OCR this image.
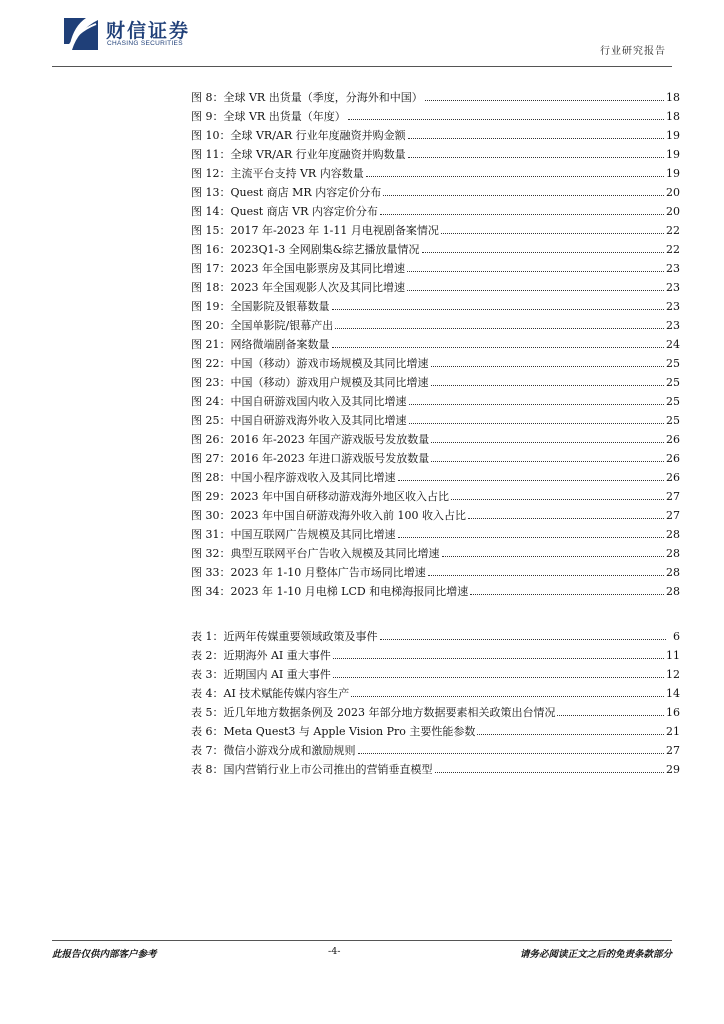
财信证券
CHASING SECURITIES
行业研究报告
图 8：全球 VR 出货量（季度，分海外和中国）	18
图 9：全球 VR 出货量（年度）	18
图 10：全球 VR/AR 行业年度融资并购金额	19
图 11：全球 VR/AR 行业年度融资并购数量	19
图 12：主流平台支持 VR 内容数量	19
图 13：Quest 商店 MR 内容定价分布	20
图 14：Quest 商店 VR 内容定价分布	20
图 15：2017 年-2023 年 1-11 月电视剧备案情况	22
图 16：2023Q1-3 全网剧集&综艺播放量情况	22
图 17：2023 年全国电影票房及其同比增速	23
图 18：2023 年全国观影人次及其同比增速	23
图 19：全国影院及银幕数量	23
图 20：全国单影院/银幕产出	23
图 21：网络微端剧备案数量	24
图 22：中国（移动）游戏市场规模及其同比增速	25
图 23：中国（移动）游戏用户规模及其同比增速	25
图 24：中国自研游戏国内收入及其同比增速	25
图 25：中国自研游戏海外收入及其同比增速	25
图 26：2016 年-2023 年国产游戏版号发放数量	26
图 27：2016 年-2023 年进口游戏版号发放数量	26
图 28：中国小程序游戏收入及其同比增速	26
图 29：2023 年中国自研移动游戏海外地区收入占比	27
图 30：2023 年中国自研游戏海外收入前 100 收入占比	27
图 31：中国互联网广告规模及其同比增速	28
图 32：典型互联网平台广告收入规模及其同比增速	28
图 33：2023 年 1-10 月整体广告市场同比增速	28
图 34：2023 年 1-10 月电梯 LCD 和电梯海报同比增速	28
表 1：近两年传媒重要领域政策及事件	6
表 2：近期海外 AI 重大事件	11
表 3：近期国内 AI 重大事件	12
表 4：AI 技术赋能传媒内容生产	14
表 5：近几年地方数据条例及 2023 年部分地方数据要素相关政策出台情况	16
表 6：Meta Quest3 与 Apple Vision Pro 主要性能参数	21
表 7：微信小游戏分成和激励规则	27
表 8：国内营销行业上市公司推出的营销垂直模型	29
此报告仅供内部客户参考	-4-	请务必阅读正文之后的免责条款部分
